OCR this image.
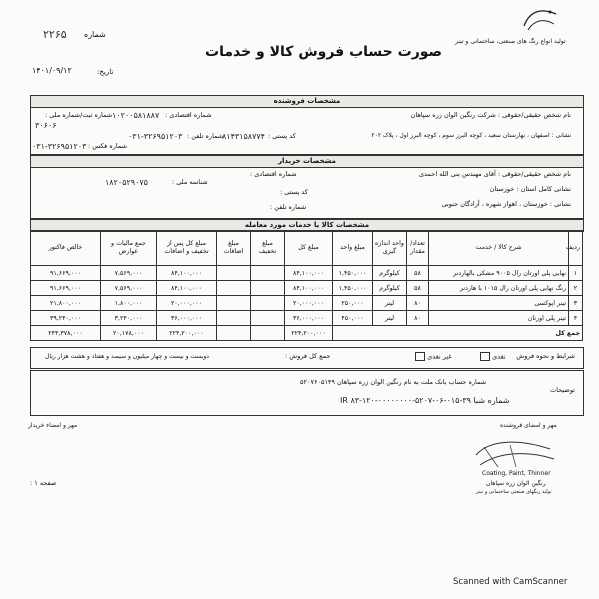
تولید انواع رنگ های صنعتی، ساختمانی و تینر
شماره
۲۲۶۵
صورت حساب فروش کالا و خدمات
تاریخ:
۱۴۰۱/۰۹/۱۲
مشخصات فروشنده
نام شخص حقیقی/حقوقی : شرکت رنگین الوان زره سپاهان
شماره اقتصادی :
۱۰۲۰۰۵۸۱۸۸۷
شماره ثبت/شماره ملی :
۳۰۶۰۶
نشانی : اصفهان ، بهارستان سعید ، کوچه البرز سوم ، کوچه البرز اول ، پلاک ۲۰۲
کد پستی :
۸۱۴۳۱۵۸۷۷۴
شماره تلفن :
۰۳۱-۳۲۶۹۵۱۲۰۳
شماره فکس :
۰۳۱-۳۲۶۹۵۱۲۰۳
مشخصات خریدار
نام شخص حقیقی/حقوقی : آقای مهندس بنی الله احمدی
شماره اقتصادی :
شناسه ملی :
۱۸۲۰۵۲۹۰۷۵
نشانی کامل استان : خوزستان
کد پستی :
نشانی : خوزستان ، اهواز شهره ، آزادگان جنوبی
شماره تلفن :
مشخصات کالا یا خدمات مورد معامله
ردیف	شرح کالا / خدمت	تعداد/ مقدار	واحد اندازه گیری	مبلغ واحد	مبلغ کل	مبلغ تخفیف	مبلغ اضافات	مبلغ کل پس از تخفیف و اضافات	جمع مالیات و عوارض	خالص فاکتور
۱	نهایی پلی اورتان رال ۹۰۰۵ مشکی بالهاردنر	۵۸	کیلوگرم	۱,۴۵۰,۰۰۰	۸۴,۱۰۰,۰۰۰			۸۴,۱۰۰,۰۰۰	۷,۵۶۹,۰۰۰	۹۱,۶۶۹,۰۰۰
۲	رنگ نهایی پلی اورتان رال ۱۰۱۵ با هاردنر	۵۸	کیلوگرم	۱,۴۵۰,۰۰۰	۸۴,۱۰۰,۰۰۰			۸۴,۱۰۰,۰۰۰	۷,۵۶۹,۰۰۰	۹۱,۶۶۹,۰۰۰
۳	تینر اپوکسی	۸۰	لیتر	۲۵۰,۰۰۰	۲۰,۰۰۰,۰۰۰			۲۰,۰۰۰,۰۰۰	۱,۸۰۰,۰۰۰	۲۱,۸۰۰,۰۰۰
۴	تینر پلی اورتان	۸۰	لیتر	۴۵۰,۰۰۰	۳۶,۰۰۰,۰۰۰			۳۶,۰۰۰,۰۰۰	۳,۲۴۰,۰۰۰	۳۹,۲۴۰,۰۰۰
جمع کل					۲۲۴,۲۰۰,۰۰۰			۲۲۴,۲۰۰,۰۰۰	۲۰,۱۷۸,۰۰۰	۲۴۴,۳۷۸,۰۰۰
شرایط و نحوه فروش
نقدی
غیر نقدی
جمع کل فروش :
دویست و بیست و چهار میلیون و سیصد و هفتاد و هشت هزار ریال
توضیحات
شماره حساب بانک ملت به نام رنگین الوان زره سپاهان ۵۲۰۷۶۰۵۱۴۹
شماره شبا ۳۹-۰۱۵-۰۶-۵۲۰۷-۰۰۰۰۰۰۰۰-۱۲۰-۸۳ IR
مهر و امضای فروشنده
مهر و امضاء خریدار
Coating, Paint, Thinner
رنگین الوان زره سپاهان
تولید رنگهای صنعتی ساختمانی و تینر
صفحه ۱ :
Scanned with CamScanner
